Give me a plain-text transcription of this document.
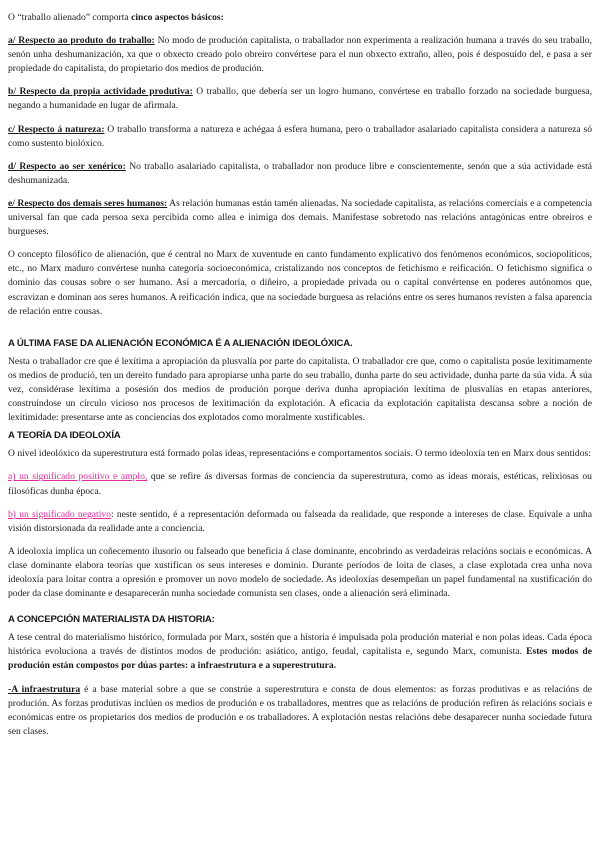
O “traballo alienado” comporta cinco aspectos básicos:

a/ Respecto ao produto do traballo: No modo de produción capitalista, o traballador non experimenta a realización humana a través do seu traballo, senón unha deshumanización, xa que o obxecto creado polo obreiro convértese para el nun obxecto extraño, alleo, pois é desposuído del, e pasa a ser propiedade do capitalista, do propietario dos medios de produción.

b/ Respecto da propia actividade produtiva: O traballo, que debería ser un logro humano, convértese en traballo forzado na sociedade burguesa, negando a humanidade en lugar de afirmala.

c/ Respecto á natureza: O traballo transforma a natureza e achégaa á esfera humana, pero o traballador asalariado capitalista considera a natureza só como sustento biolóxico.

d/ Respecto ao ser xenérico: No traballo asalariado capitalista, o traballador non produce libre e conscientemente, senón que a súa actividade está deshumanizada.

e/ Respecto dos demais seres humanos: As relación humanas están tamén alienadas. Na sociedade capitalista, as relacións comerciais e a competencia universal fan que cada persoa sexa percibida como allea e inimiga dos demais. Manifestase sobretodo nas relacións antagónicas entre obreiros e burgueses.

O concepto filosófico de alienación, que é central no Marx de xuventude en canto fundamento explicativo dos fenómenos económicos, sociopolíticos, etc., no Marx maduro convértese nunha categoría socioeconómica, cristalizando nos conceptos de fetichismo e reificación. O fetichismo significa o dominio das cousas sobre o ser humano. Así a mercadoría, o diñeiro, a propiedade privada ou o capital convértense en poderes autónomos que, escravizan e dominan aos seres humanos. A reificación indica, que na sociedade burguesa as relacións entre os seres humanos revisten a falsa aparencia de relación entre cousas.

A ÚLTIMA FASE DA ALIENACIÓN ECONÓMICA É A ALIENACIÓN IDEOLÓXICA.

Nesta o traballador cre que é lexítima a apropiación da plusvalía por parte do capitalista. O traballador cre que, como o capitalista posúe lexitimamente os medios de produció, ten un dereito fundado para apropiarse unha parte do seu traballo, dunha parte do seu actividade, dunha parte da súa vida. Á súa vez, considérase lexítima a posesión dos medios de produción porque deriva dunha apropiación lexítima de plusvalías en etapas anteriores, construíndose un círculo vicioso nos procesos de lexitimación da explotación. A eficacia da explotación capitalista descansa sobre a noción de lexitimidade: presentarse ante as conciencias dos explotados como moralmente xustificables.

A TEORÍA DA IDEOLOXÍA

O nivel ideolóxico da superestrutura está formado polas ideas, representacións e comportamentos sociais. O termo ideoloxía ten en Marx dous sentidos:

a) un significado positivo e amplo, que se refire ás diversas formas de conciencia da superestrutura, como as ideas morais, estéticas, relixiosas ou filosóficas dunha época.

b) un significado negativo: neste sentido, é a representación deformada ou falseada da realidade, que responde a intereses de clase. Equivale a unha visión distorsionada da realidade ante a conciencia.

A ideoloxía implica un coñecemento ilusorio ou falseado que beneficia á clase dominante, encobrindo as verdadeiras relacións sociais e económicas. A clase dominante elabora teorías que xustifican os seus intereses e dominio. Durante períodos de loita de clases, a clase explotada crea unha nova ideoloxía para loitar contra a opresión e promover un novo modelo de sociedade. As ideoloxías desempeñan un papel fundamental na xustificación do poder da clase dominante e desaparecerán nunha sociedade comunista sen clases, onde a alienación será eliminada.

A CONCEPCIÓN MATERIALISTA DA HISTORIA:

A tese central do materialismo histórico, formulada por Marx, sostén que a historia é impulsada pola produción material e non polas ideas. Cada época histórica evoluciona a través de distintos modos de produción: asiático, antigo, feudal, capitalista e, segundo Marx, comunista. Estes modos de produción están compostos por dúas partes: a infraestrutura e a superestrutura.

-A infraestrutura é a base material sobre a que se constrúe a superestrutura e consta de dous elementos: as forzas produtivas e as relacións de produción. As forzas produtivas inclúen os medios de produción e os traballadores, mentres que as relacións de produción refiren ás relacións sociais e económicas entre os propietarios dos medios de produción e os traballadores. A explotación nestas relacións debe desaparecer nunha sociedade futura sen clases.
